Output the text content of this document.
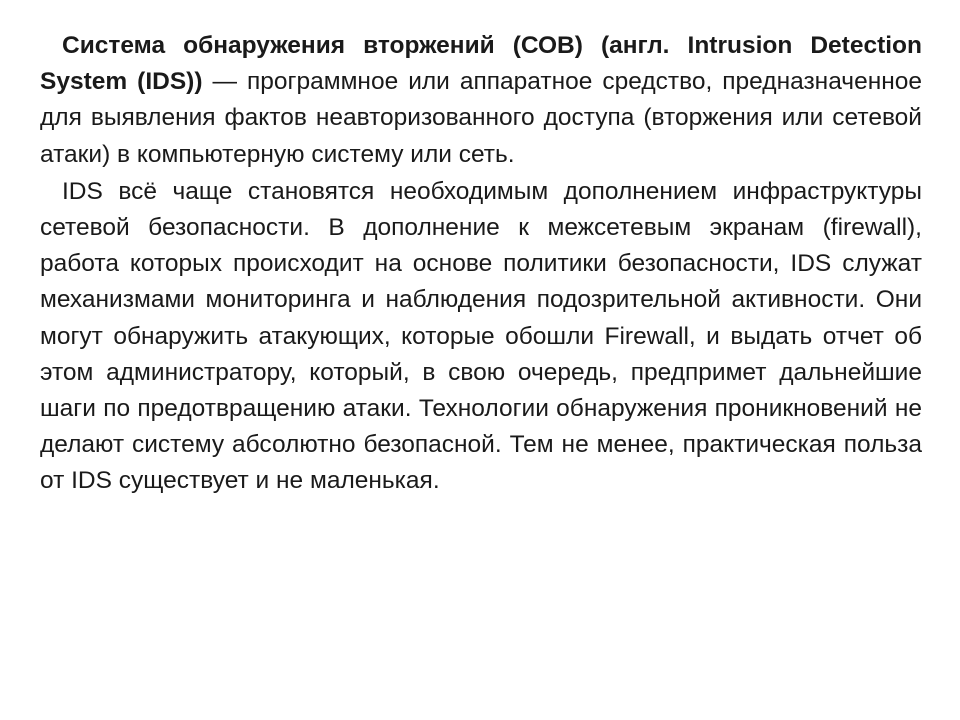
Система обнаружения вторжений (СОВ) (англ. Intrusion Detection System (IDS)) — программное или аппаратное средство, предназначенное для выявления фактов неавторизованного доступа (вторжения или сетевой атаки) в компьютерную систему или сеть.

IDS всё чаще становятся необходимым дополнением инфраструктуры сетевой безопасности. В дополнение к межсетевым экранам (firewall), работа которых происходит на основе политики безопасности, IDS служат механизмами мониторинга и наблюдения подозрительной активности. Они могут обнаружить атакующих, которые обошли Firewall, и выдать отчет об этом администратору, который, в свою очередь, предпримет дальнейшие шаги по предотвращению атаки. Технологии обнаружения проникновений не делают систему абсолютно безопасной. Тем не менее, практическая польза от IDS существует и не маленькая.
